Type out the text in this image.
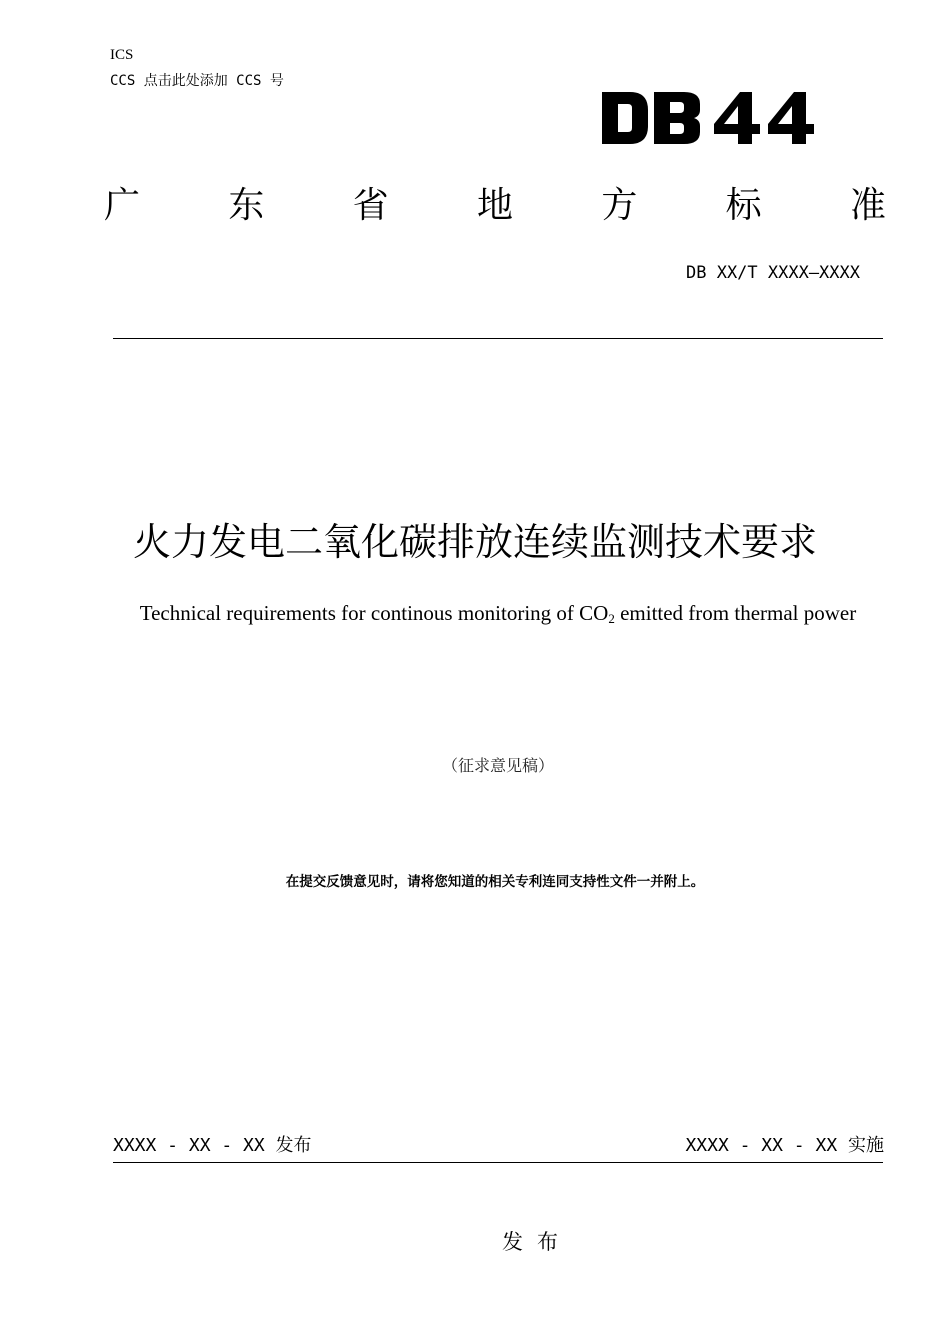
ICS
CCS 点击此处添加 CCS 号
广 东 省 地 方 标 准
DB XX/T XXXX—XXXX
火力发电二氧化碳排放连续监测技术要求
Technical requirements for continous monitoring of $CO_2$ emitted from thermal power
（征求意见稿）
在提交反馈意见时，请将您知道的相关专利连同支持性文件一并附上。
XXXX - XX - XX 发布	XXXX - XX - XX 实施
发布
